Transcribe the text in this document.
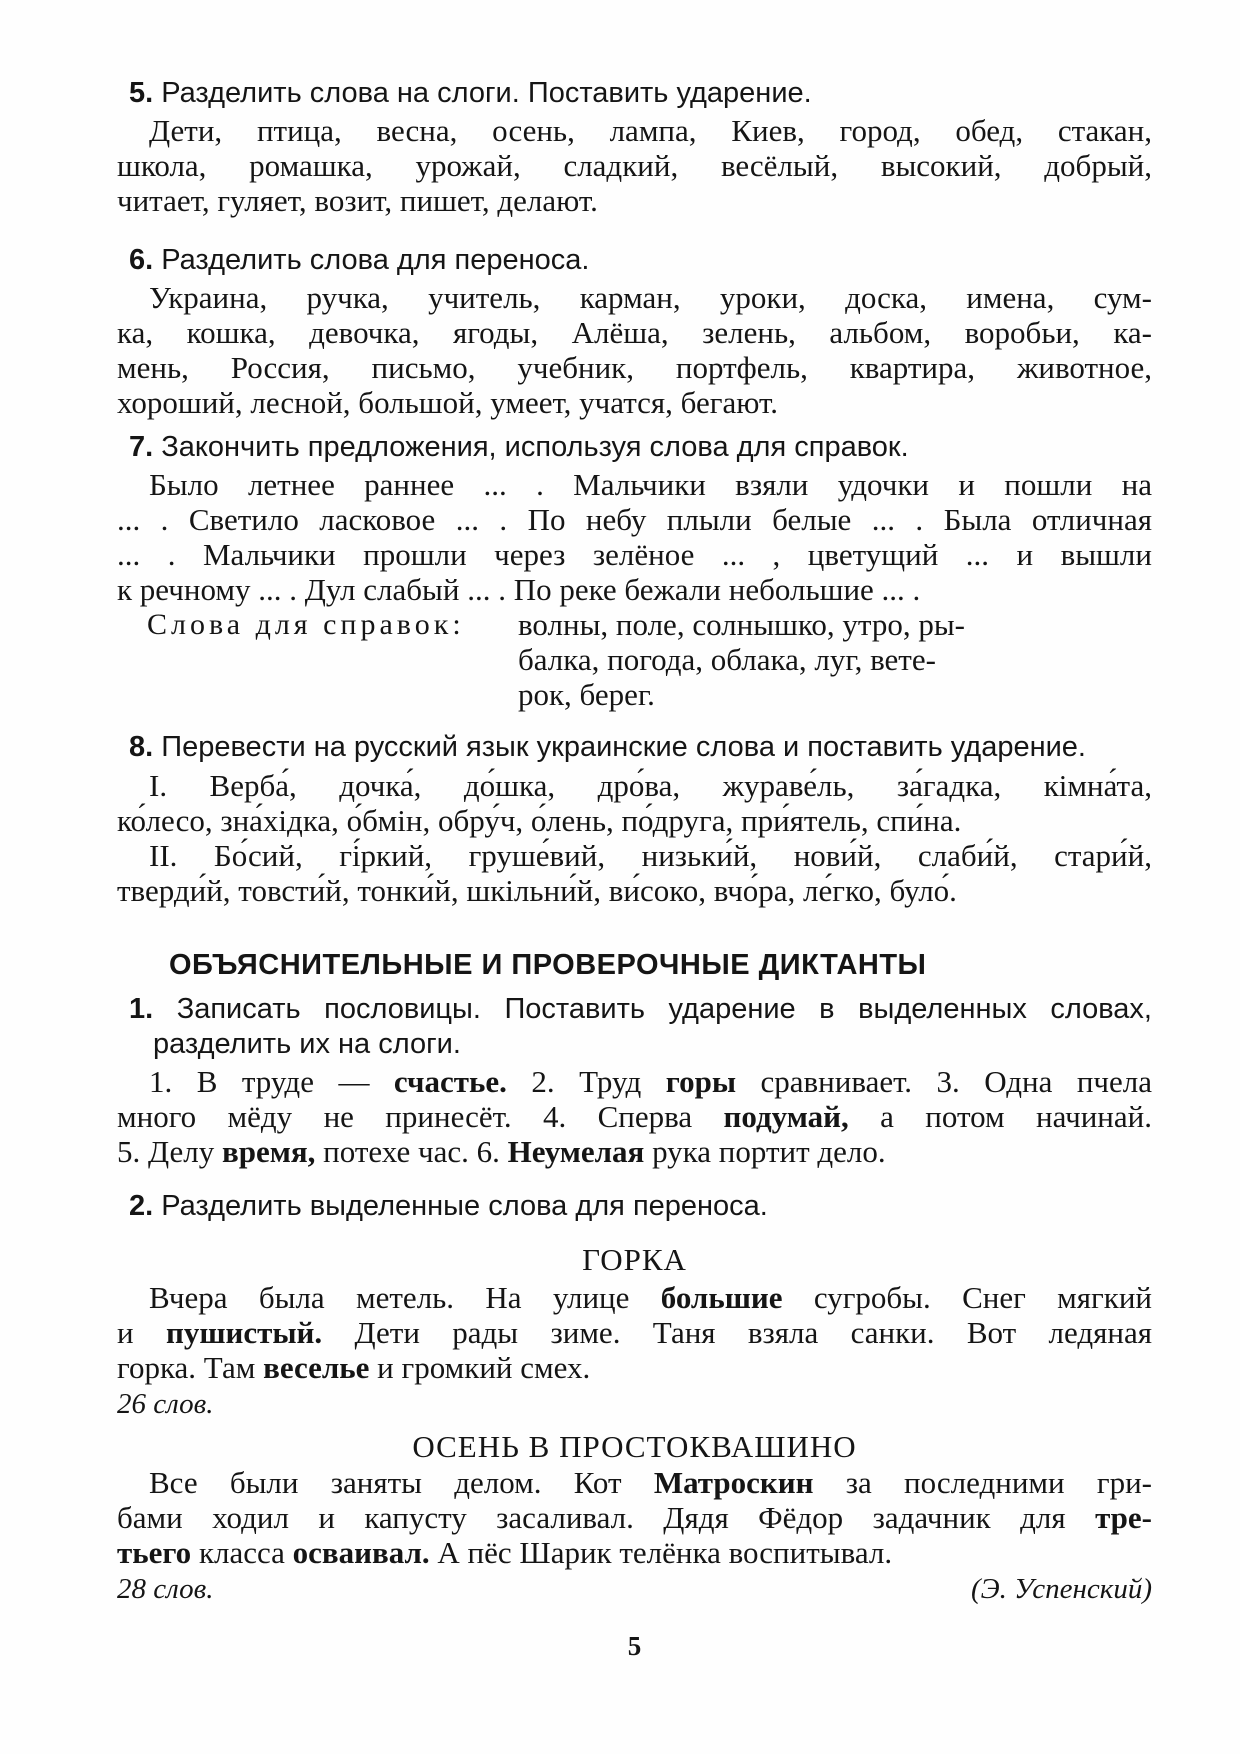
5. Разделить слова на слоги. Поставить ударение.
Дети, птица, весна, осень, лампа, Киев, город, обед, стакан,
школа, ромашка, урожай, сладкий, весёлый, высокий, добрый,
читает, гуляет, возит, пишет, делают.
6. Разделить слова для переноса.
Украина, ручка, учитель, карман, уроки, доска, имена, сум-
ка, кошка, девочка, ягоды, Алёша, зелень, альбом, воробьи, ка-
мень, Россия, письмо, учебник, портфель, квартира, животное,
хороший, лесной, большой, умеет, учатся, бегают.
7. Закончить предложения, используя слова для справок.
Было летнее раннее ... . Мальчики взяли удочки и пошли на
... . Светило ласковое ... . По небу плыли белые ... . Была отличная
... . Мальчики прошли через зелёное ... , цветущий ... и вышли
к речному ... . Дул слабый ... . По реке бежали небольшие ... .
Слова для справок:	волны, поле, солнышко, утро, ры-
балка, погода, облака, луг, вете-
рок, берег.
8. Перевести на русский язык украинские слова и поставить ударение.
I. Верба́, дочка́, до́шка, дро́ва, жураве́ль, за́гадка, кімна́та,
ко́лесо, зна́хідка, о́бмін, обру́ч, о́лень, по́друга, при́ятель, спи́на.
II. Бо́сий, гі́ркий, груше́вий, низьки́й, нови́й, слаби́й, стари́й,
тверди́й, товсти́й, тонки́й, шкільни́й, ви́соко, вчо́ра, ле́гко, було́.
ОБЪЯСНИТЕЛЬНЫЕ И ПРОВЕРОЧНЫЕ ДИКТАНТЫ
1. Записать пословицы. Поставить ударение в выделенных словах,
разделить их на слоги.
1. В труде — счастье. 2. Труд горы сравнивает. 3. Одна пчела
много мёду не принесёт. 4. Сперва подумай, а потом начинай.
5. Делу время, потехе час. 6. Неумелая рука портит дело.
2. Разделить выделенные слова для переноса.
ГОРКА
Вчера была метель. На улице большие сугробы. Снег мягкий
и пушистый. Дети рады зиме. Таня взяла санки. Вот ледяная
горка. Там веселье и громкий смех.
26 слов.
ОСЕНЬ В ПРОСТОКВАШИНО
Все были заняты делом. Кот Матроскин за последними гри-
бами ходил и капусту засаливал. Дядя Фёдор задачник для тре-
тьего класса осваивал. А пёс Шарик телёнка воспитывал.
28 слов.	(Э. Успенский)
5
